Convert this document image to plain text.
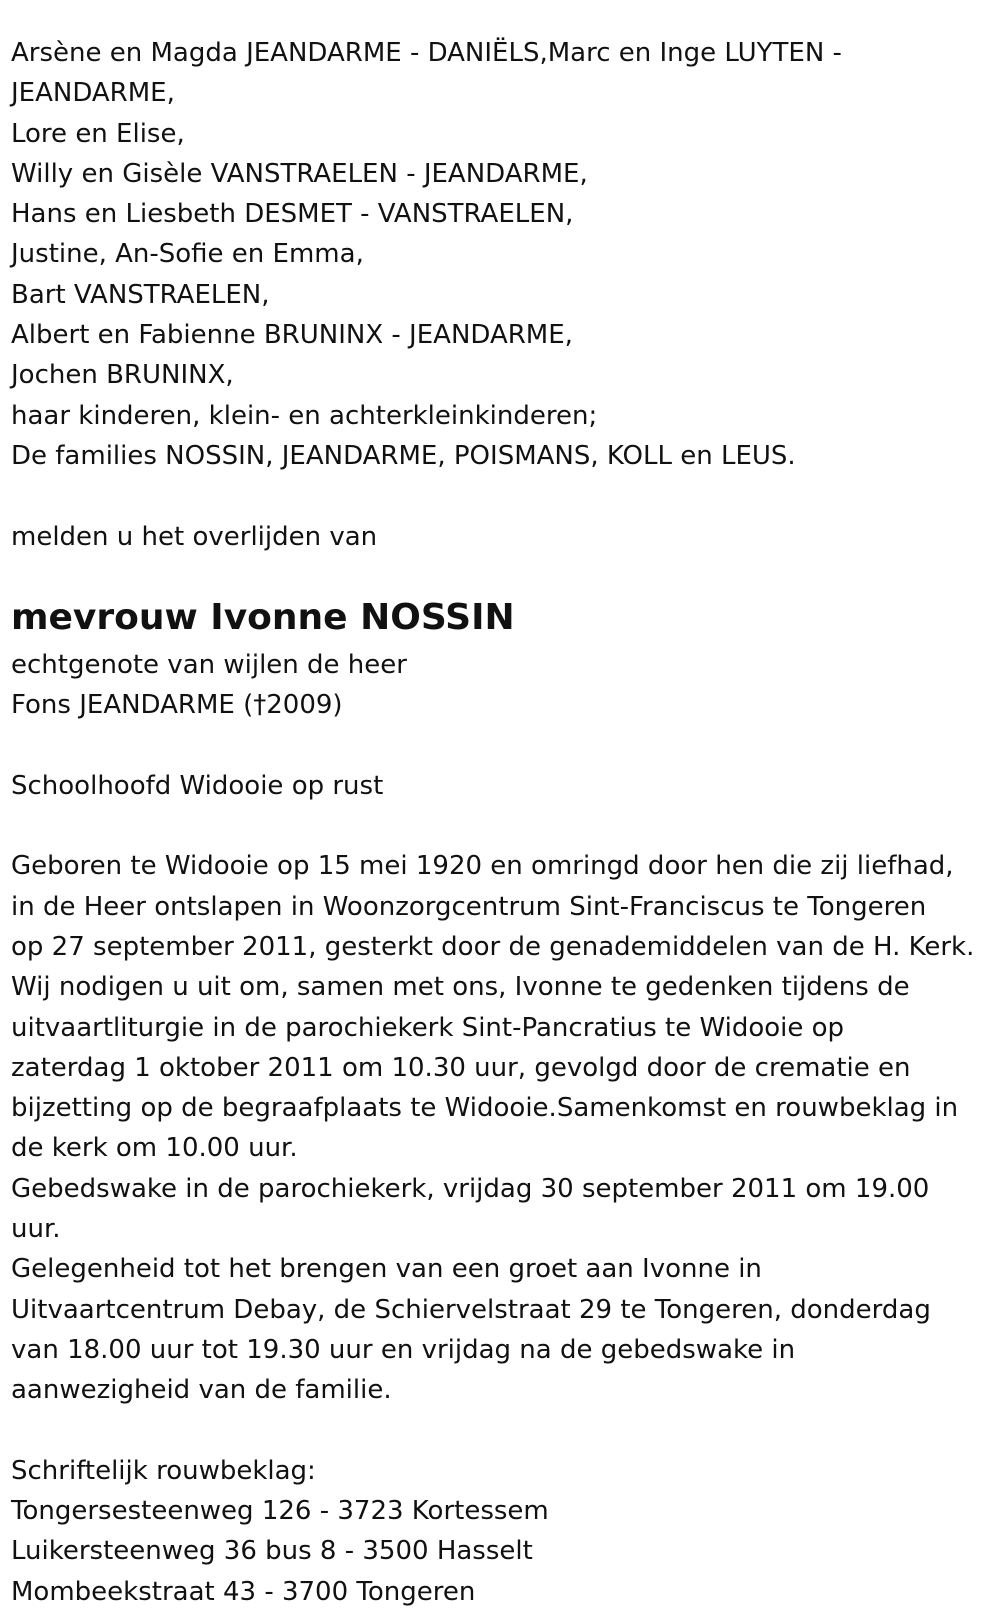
Arsène en Magda JEANDARME - DANIËLS,Marc en Inge LUYTEN -
JEANDARME,
Lore en Elise,
Willy en Gisèle VANSTRAELEN - JEANDARME,
Hans en Liesbeth DESMET - VANSTRAELEN,
Justine, An-Sofie en Emma,
Bart VANSTRAELEN,
Albert en Fabienne BRUNINX - JEANDARME,
Jochen BRUNINX,
haar kinderen, klein- en achterkleinkinderen;
De families NOSSIN, JEANDARME, POISMANS, KOLL en LEUS.
melden u het overlijden van
mevrouw Ivonne NOSSIN
echtgenote van wijlen de heer
Fons JEANDARME (†2009)
Schoolhoofd Widooie op rust
Geboren te Widooie op 15 mei 1920 en omringd door hen die zij liefhad,
in de Heer ontslapen in Woonzorgcentrum Sint-Franciscus te Tongeren
op 27 september 2011, gesterkt door de genademiddelen van de H. Kerk.
Wij nodigen u uit om, samen met ons, Ivonne te gedenken tijdens de
uitvaartliturgie in de parochiekerk Sint-Pancratius te Widooie op
zaterdag 1 oktober 2011 om 10.30 uur, gevolgd door de crematie en
bijzetting op de begraafplaats te Widooie.Samenkomst en rouwbeklag in
de kerk om 10.00 uur.
Gebedswake in de parochiekerk, vrijdag 30 september 2011 om 19.00
uur.
Gelegenheid tot het brengen van een groet aan Ivonne in
Uitvaartcentrum Debay, de Schiervelstraat 29 te Tongeren, donderdag
van 18.00 uur tot 19.30 uur en vrijdag na de gebedswake in
aanwezigheid van de familie.
Schriftelijk rouwbeklag:
Tongersesteenweg 126 - 3723 Kortessem
Luikersteenweg 36 bus 8 - 3500 Hasselt
Mombeekstraat 43 - 3700 Tongeren
